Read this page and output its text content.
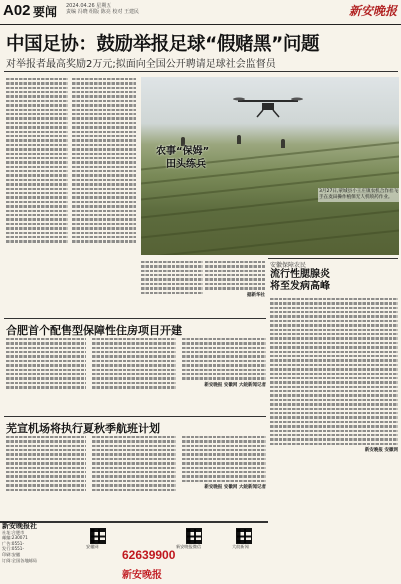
A02 要闻 2024.04.26 星期五
责编 冯晓 组版 陈亮 校对 王建民	新安晚报
中国足协：鼓励举报足球“假赌黑”问题
对举报者最高奖励2万元;拟面向全国公开聘请足球社会监督员
农事“保姆”
田头练兵
3月27日,蒙城县小王庄镇农机合作社飞手在麦田操作植保无人机喷药作业。
据新华社
安徽保障农民
流行性腮腺炎
将至发病高峰
新安晚报 安徽网
合肥首个配售型保障性住房项目开建
新安晚报 安徽网 大皖新闻记者
芜宣机场将执行夏秋季航班计划
新安晚报 安徽网 大皖新闻记者
新安晚报社
社址:合肥市
邮编:230071
广告:0551-
发行:0551-
印刷:安徽
订阅:全国各地邮局
安徽网	新安晚报微信	大皖新闻
62639900
新安晚报
